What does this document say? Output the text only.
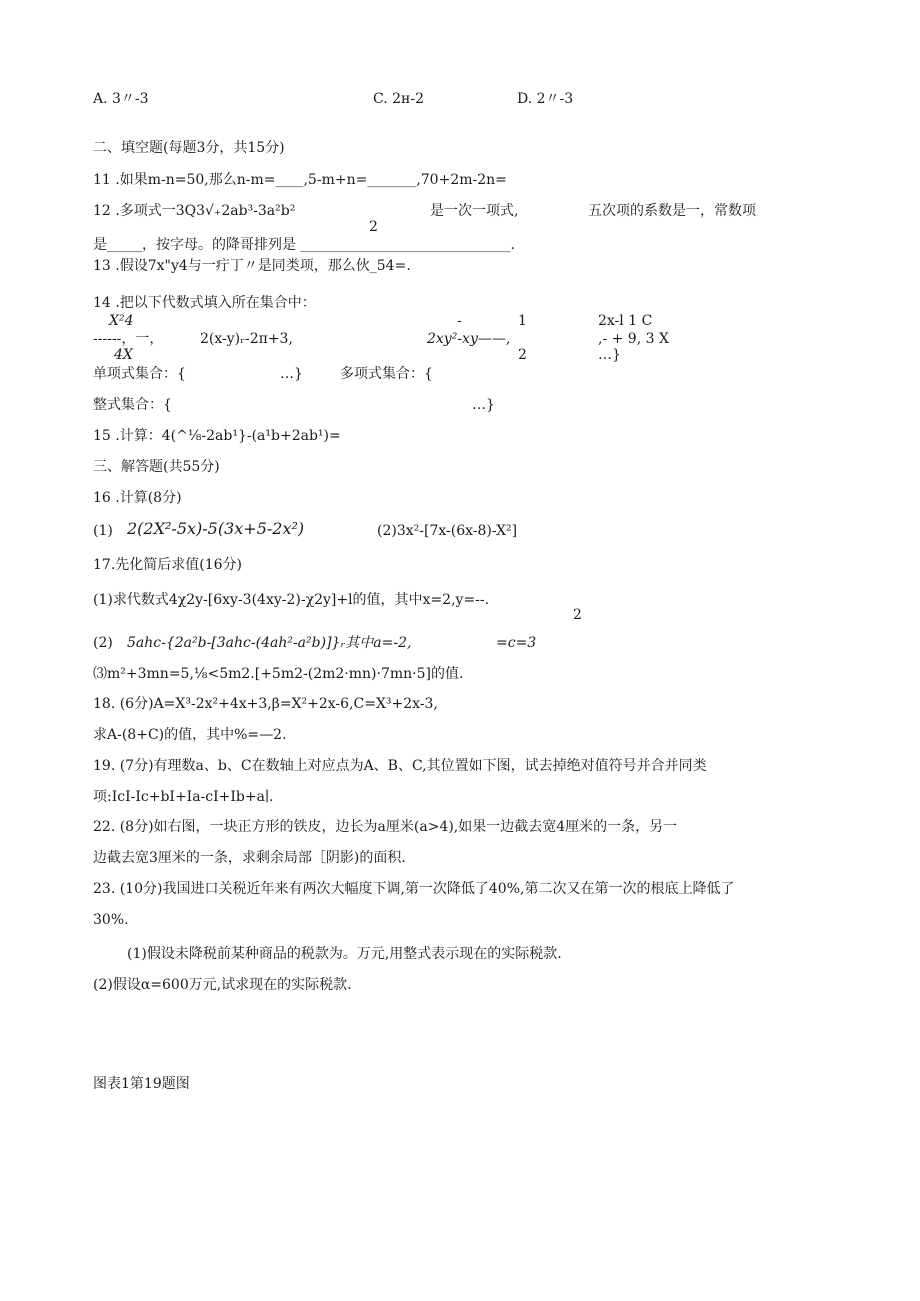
A. 3〃-3	C. 2н-2	D. 2〃-3
二、填空题(每题3分，共15分)
11 .如果m-n=50,那么n-m=____,5-m+n=_______,70+2m-2n=
12 .多项式一3Q3√₊2ab³-3a²b²	是一次一项式,	五次项的系数是一，常数项
2
是_____，按字母。的降哥排列是 ______________________________.
13 .假设7x"y4与一疔丁〃是同类项，那么伙_54=.
14 .把以下代数式填入所在集合中：
X²4
------，一，
4X
2(x-y)ᵣ-2π+3,	2xy²-xy——,
-	1
2
2x-l 1 C
,- + 9, 3 X
…}
单项式集合：{	…}	多项式集合：{
整式集合：{	…}
15 .计算：4(^⅛-2ab¹}-(a¹b+2ab¹)=
三、解答题(共55分)
16 .计算(8分)
(1) 2(2X²-5x)-5(3x+5-2x²)	(2)3x²-[7x-(6x-8)-X²]
17.先化简后求值(16分)
(1)求代数式4χ2y-[6xy-3(4xy-2)-χ2y]+l的值，其中x=2,y=--.
2
(2) 5ahc-{2a²b-[3ahc-(4ah²-a²b)]}ᵣ其中a=-2,	=c=3
⑶m²+3mn=5,⅛<5m2.[+5m2-(2m2·mn)·7mn·5]的值.
18. (6分)A=X³-2x²+4x+3,β=X²+2x-6,C=X³+2x-3,
求A-(8+C)的值，其中%=—2.
19. (7分)有理数a、b、C在数轴上对应点为A、B、C,其位置如下图，试去掉绝对值符号并合并同类
项:IcI-Ic+bI+Ia-cI+Ib+a∣.
22. (8分)如右图，一块正方形的铁皮，边长为a厘米(a>4),如果一边截去宽4厘米的一条，另一
边截去宽3厘米的一条，求剩余局部［阴影)的面积.
23. (10分)我国进口关税近年来有两次大幅度下调,第一次降低了40%,第二次又在第一次的根底上降低了
30%.
(1)假设未降税前某种商品的税款为。万元,用整式表示现在的实际税款.
(2)假设α=600万元,试求现在的实际税款.
图表1第19题图
